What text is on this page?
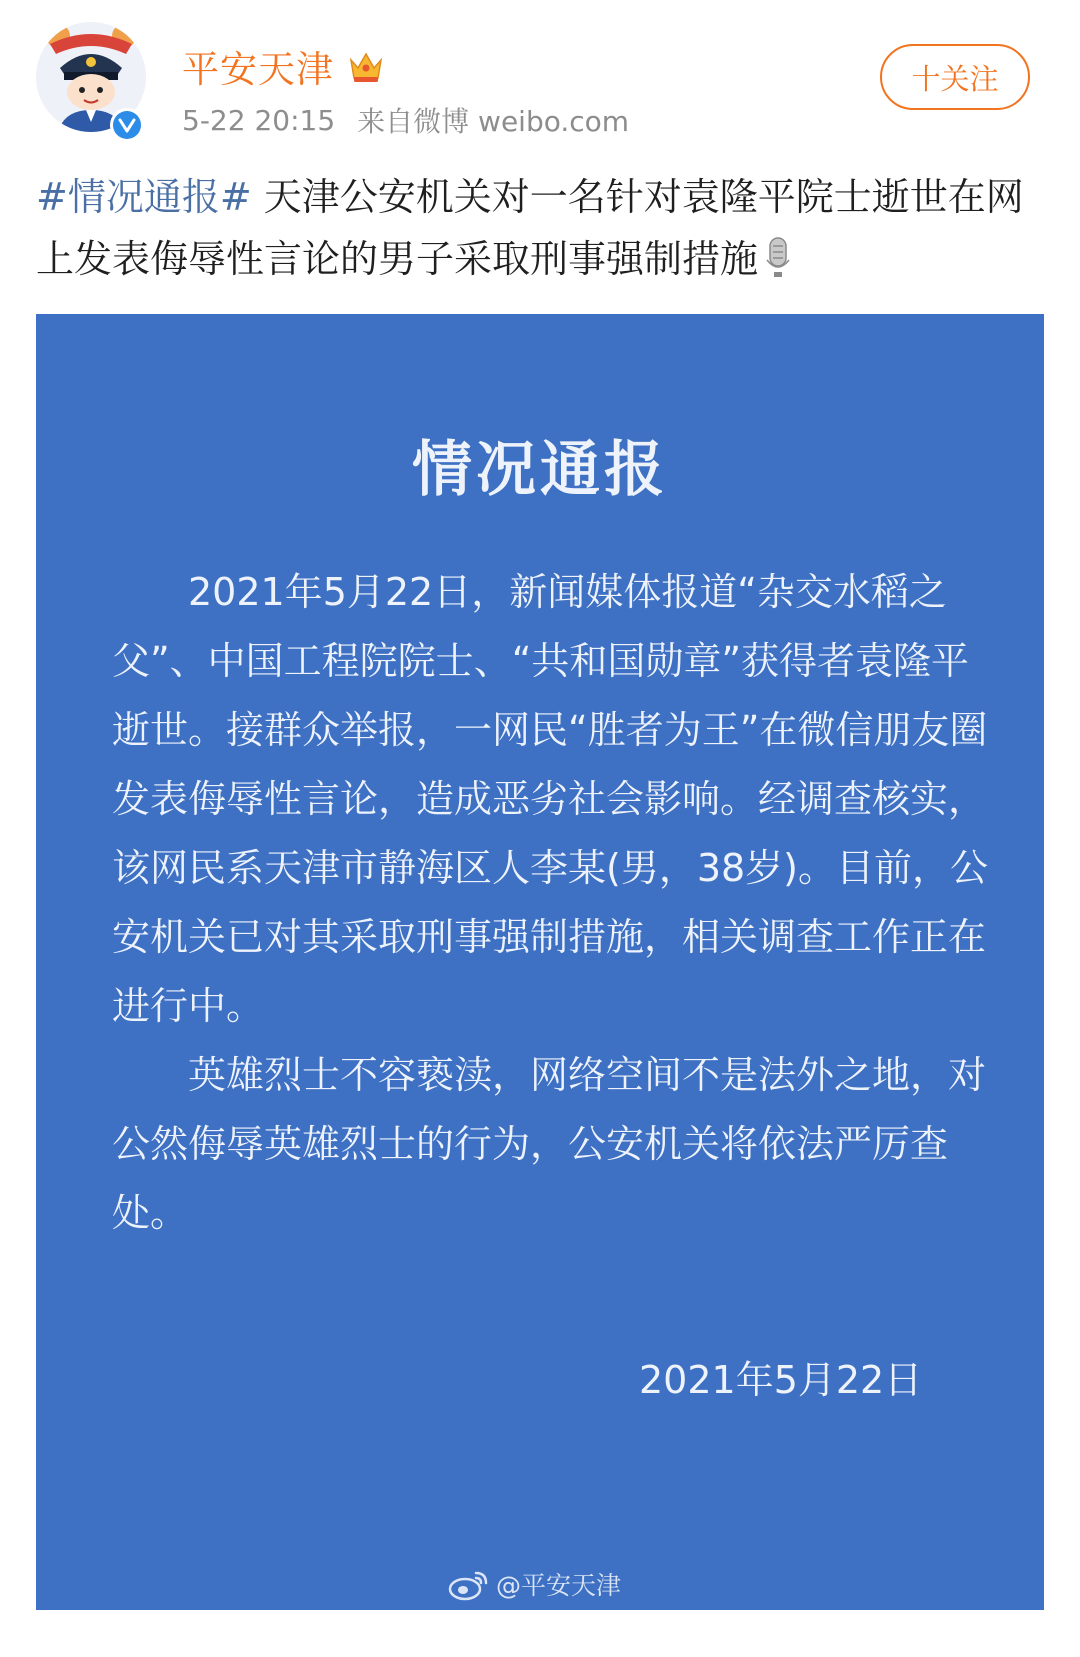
平安天津
5-22 20:15 来自微博 weibo.com
十关注
#情况通报# 天津公安机关对一名针对袁隆平院士逝世在网上发表侮辱性言论的男子采取刑事强制措施
情况通报

2021年5月22日，新闻媒体报道“杂交水稻之父”、中国工程院院士、“共和国勋章”获得者袁隆平逝世。接群众举报，一网民“胜者为王”在微信朋友圈发表侮辱性言论，造成恶劣社会影响。经调查核实，该网民系天津市静海区人李某(男，38岁)。目前，公安机关已对其采取刑事强制措施，相关调查工作正在进行中。

英雄烈士不容亵渎，网络空间不是法外之地，对公然侮辱英雄烈士的行为，公安机关将依法严厉查处。

2021年5月22日
@平安天津
